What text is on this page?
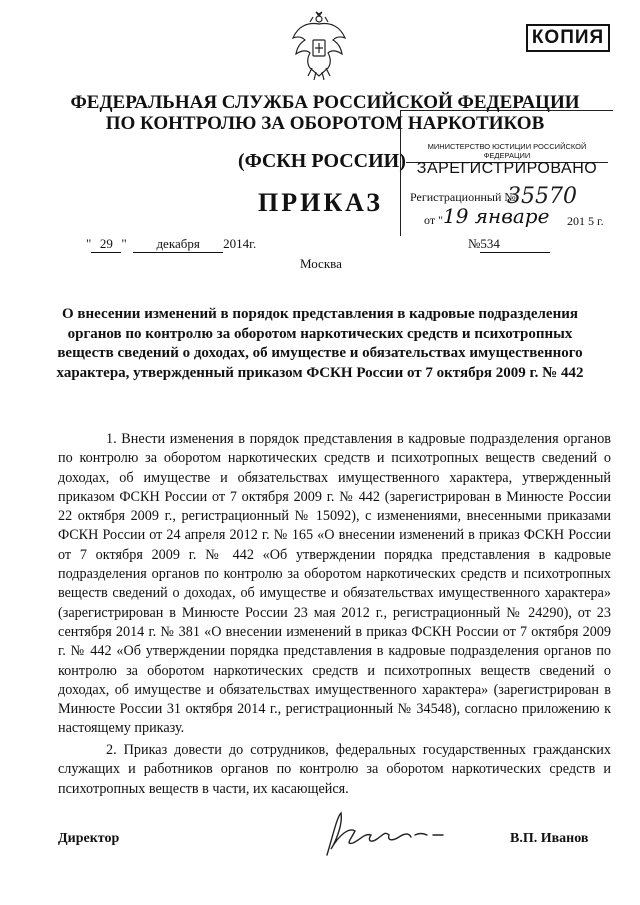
КОПИЯ
ФЕДЕРАЛЬНАЯ СЛУЖБА РОССИЙСКОЙ ФЕДЕРАЦИИ
ПО КОНТРОЛЮ ЗА ОБОРОТОМ НАРКОТИКОВ
(ФСКН РОССИИ)
ПРИКАЗ
МИНИСТЕРСТВО ЮСТИЦИИ РОССИЙСКОЙ ФЕДЕРАЦИИ
ЗАРЕГИСТРИРОВАНО
Регистрационный №
35570
от " 19 январе 201 5 г.
" 29 "  декабря 2014г.
Москва
№534
О внесении изменений в порядок представления в кадровые подразделения органов по контролю за оборотом наркотических средств и психотропных веществ сведений о доходах, об имуществе и обязательствах имущественного характера, утвержденный приказом ФСКН России от 7 октября 2009 г. № 442
1. Внести изменения в порядок представления в кадровые подразделения органов по контролю за оборотом наркотических средств и психотропных веществ сведений о доходах, об имуществе и обязательствах имущественного характера, утвержденный приказом ФСКН России от 7 октября 2009 г. № 442 (зарегистрирован в Минюсте России 22 октября 2009 г., регистрационный № 15092), с изменениями, внесенными приказами ФСКН России от 24 апреля 2012 г. № 165 «О внесении изменений в приказ ФСКН России от 7 октября 2009 г. № 442 «Об утверждении порядка представления в кадровые подразделения органов по контролю за оборотом наркотических средств и психотропных веществ сведений о доходах, об имуществе и обязательствах имущественного характера» (зарегистрирован в Минюсте России 23 мая 2012 г., регистрационный № 24290), от 23 сентября 2014 г. № 381 «О внесении изменений в приказ ФСКН России от 7 октября 2009 г. № 442 «Об утверждении порядка представления в кадровые подразделения органов по контролю за оборотом наркотических средств и психотропных веществ сведений о доходах, об имуществе и обязательствах имущественного характера» (зарегистрирован в Минюсте России 31 октября 2014 г., регистрационный № 34548), согласно приложению к настоящему приказу.
2. Приказ довести до сотрудников, федеральных государственных гражданских служащих и работников органов по контролю за оборотом наркотических средств и психотропных веществ в части, их касающейся.
Директор	В.П. Иванов
